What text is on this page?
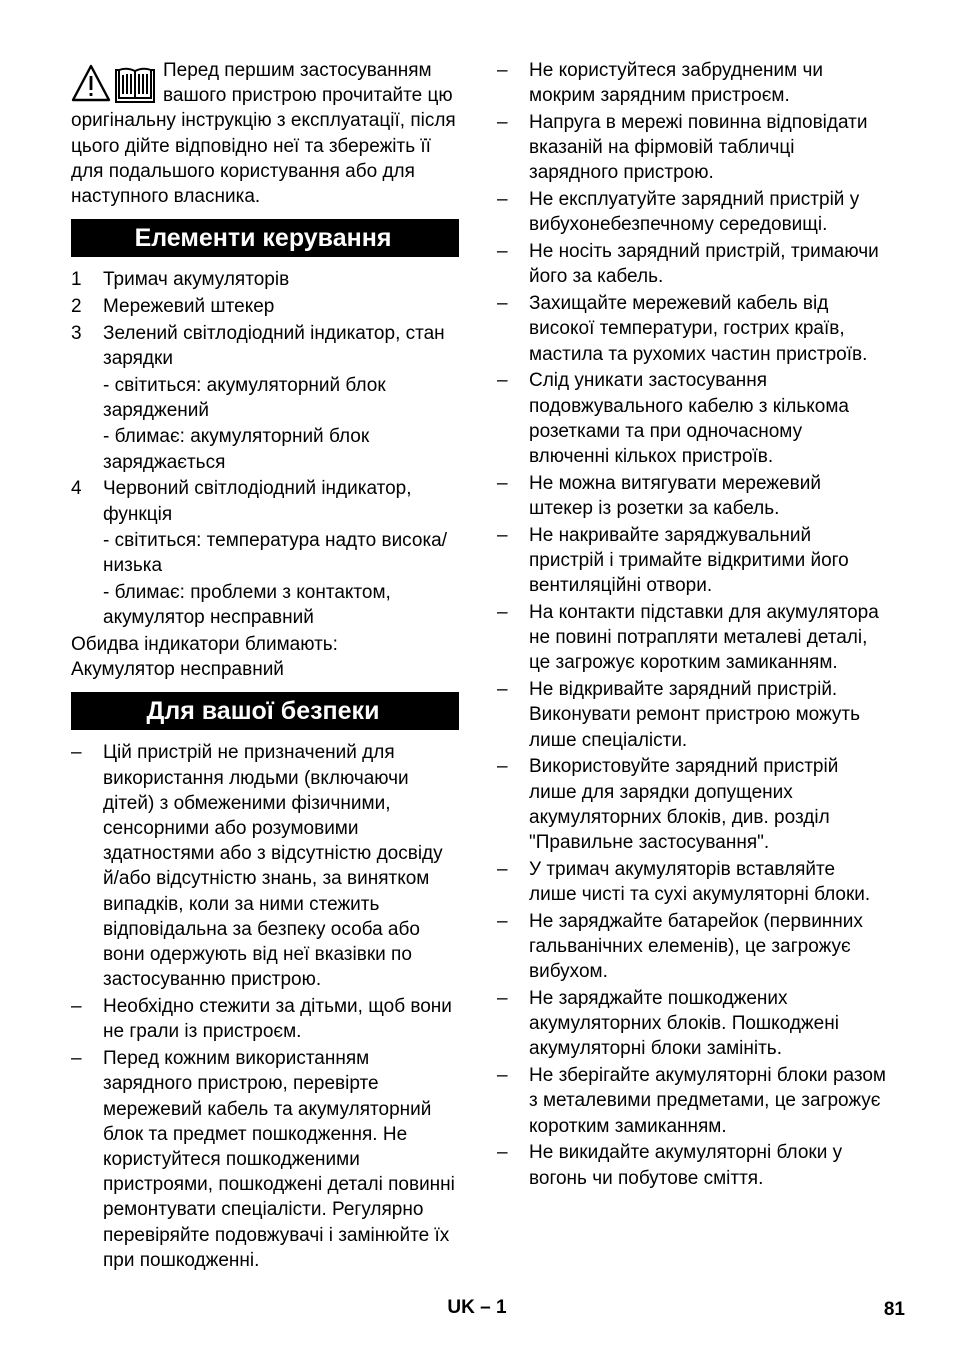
Перед першим застосуванням вашого пристрою прочитайте цю оригінальну інструкцію з експлуатації, після цього дійте відповідно неї та збережіть її для подальшого користування або для наступного власника.

Елементи керування
1 Тримач акумуляторів
2 Мережевий штекер
3 Зелений світлодіодний індикатор, стан зарядки
- світиться: акумуляторний блок заряджений
- блимає: акумуляторний блок заряджається
4 Червоний світлодіодний індикатор, функція
- світиться: температура надто висока/низька
- блимає: проблеми з контактом, акумулятор несправний

Обидва індикатори блимають:

Акумулятор несправний

Для вашої безпеки
– Цій пристрій не призначений для використання людьми (включаючи дітей) з обмеженими фізичними, сенсорними або розумовими здатностями або з відсутністю досвіду й/або відсутністю знань, за винятком випадків, коли за ними стежить відповідальна за безпеку особа або вони одержують від неї вказівки по застосуванню пристрою.
– Необхідно стежити за дітьми, щоб вони не грали із пристроєм.
– Перед кожним використанням зарядного пристрою, перевірте мережевий кабель та акумуляторний блок та предмет пошкодження. Не користуйтеся пошкодженими пристроями, пошкоджені деталі повинні ремонтувати спеціалісти. Регулярно перевіряйте подовжувачі і замінюйте їх при пошкодженні.
– Не користуйтеся забрудненим чи мокрим зарядним пристроєм.
– Напруга в мережі повинна відповідати вказаній на фірмовій табличці зарядного пристрою.
– Не експлуатуйте зарядний пристрій у вибухонебезпечному середовищі.
– Не носіть зарядний пристрій, тримаючи його за кабель.
– Захищайте мережевий кабель від високої температури, гострих країв, мастила та рухомих частин пристроїв.
– Слід уникати застосування подовжувального кабелю з кількома розетками та при одночасному влюченні кількох пристроїв.
– Не можна витягувати мережевий штекер із розетки за кабель.
– Не накривайте заряджувальний пристрій і тримайте відкритими його вентиляційні отвори.
– На контакти підставки для акумулятора не повині потрапляти металеві деталі, це загрожує коротким замиканням.
– Не відкривайте зарядний пристрій. Виконувати ремонт пристрою можуть лише спеціалісти.
– Використовуйте зарядний пристрій лише для зарядки допущених акумуляторних блоків, див. розділ "Правильне застосування".
– У тримач акумуляторів вставляйте лише чисті та сухі акумуляторні блоки.
– Не заряджайте батарейок (первинних гальванічних елеменів), це загрожує вибухом.
– Не заряджайте пошкоджених акумуляторних блоків. Пошкоджені акумуляторні блоки замініть.
– Не зберігайте акумуляторні блоки разом з металевими предметами, це загрожує коротким замиканням.
– Не викидайте акумуляторні блоки у вогонь чи побутове сміття.
UK – 1	81
